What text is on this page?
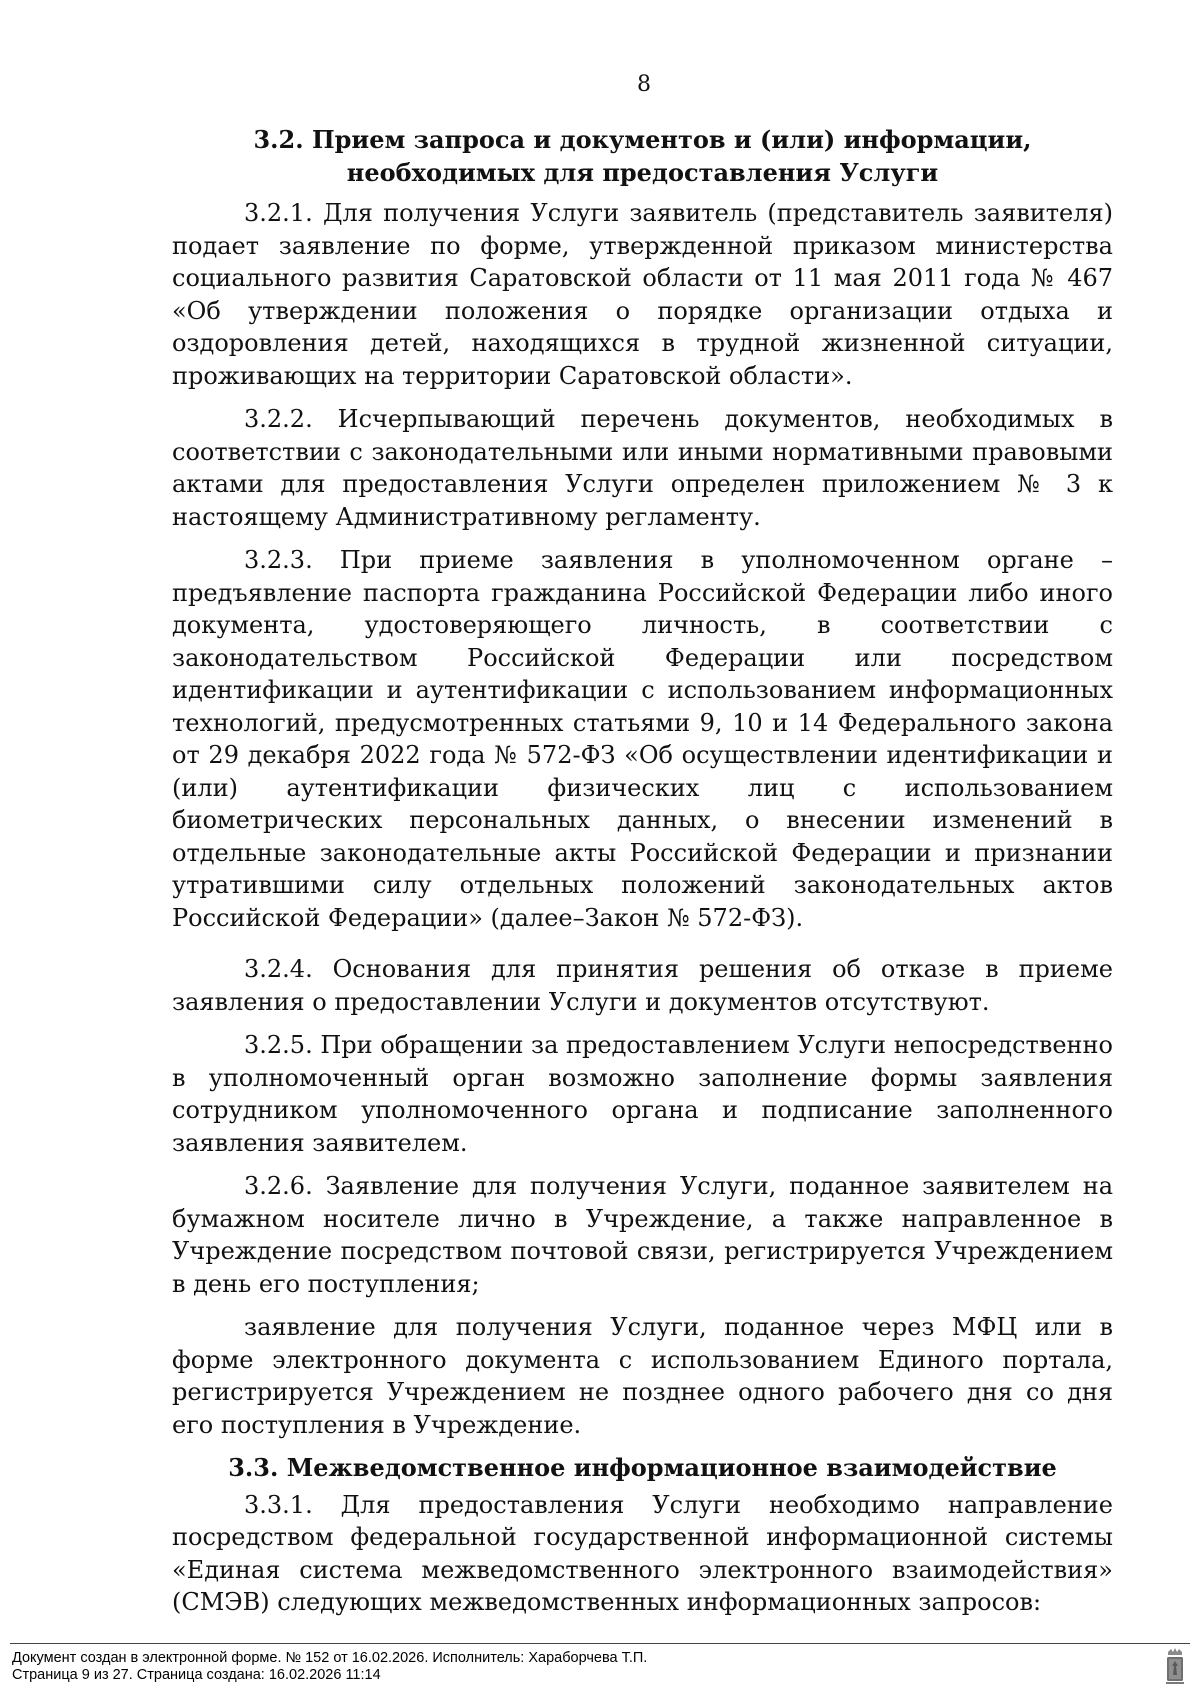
8
3.2. Прием запроса и документов и (или) информации, необходимых для предоставления Услуги

3.2.1. Для получения Услуги заявитель (представитель заявителя) подает заявление по форме, утвержденной приказом министерства социального развития Саратовской области от 11 мая 2011 года № 467 «Об утверждении положения о порядке организации отдыха и оздоровления детей, находящихся в трудной жизненной ситуации, проживающих на территории Саратовской области».

3.2.2. Исчерпывающий перечень документов, необходимых в соответствии с законодательными или иными нормативными правовыми актами для предоставления Услуги определен приложением № 3 к настоящему Административному регламенту.

3.2.3. При приеме заявления в уполномоченном органе – предъявление паспорта гражданина Российской Федерации либо иного документа, удостоверяющего личность, в соответствии с законодательством Российской Федерации или посредством идентификации и аутентификации с использованием информационных технологий, предусмотренных статьями 9, 10 и 14 Федерального закона от 29 декабря 2022 года № 572-ФЗ «Об осуществлении идентификации и (или) аутентификации физических лиц с использованием биометрических персональных данных, о внесении изменений в отдельные законодательные акты Российской Федерации и признании утратившими силу отдельных положений законодательных актов Российской Федерации» (далее–Закон № 572-ФЗ).

3.2.4. Основания для принятия решения об отказе в приеме заявления о предоставлении Услуги и документов отсутствуют.

3.2.5. При обращении за предоставлением Услуги непосредственно в уполномоченный орган возможно заполнение формы заявления сотрудником уполномоченного органа и подписание заполненного заявления заявителем.

3.2.6. Заявление для получения Услуги, поданное заявителем на бумажном носителе лично в Учреждение, а также направленное в Учреждение посредством почтовой связи, регистрируется Учреждением в день его поступления;

заявление для получения Услуги, поданное через МФЦ или в форме электронного документа с использованием Единого портала, регистрируется Учреждением не позднее одного рабочего дня со дня его поступления в Учреждение.

3.3. Межведомственное информационное взаимодействие

3.3.1. Для предоставления Услуги необходимо направление посредством федеральной государственной информационной системы «Единая система межведомственного электронного взаимодействия» (СМЭВ) следующих межведомственных информационных запросов:

Документ создан в электронной форме. № 152 от 16.02.2026. Исполнитель: Хараборчева Т.П.
Страница 9 из 27. Страница создана: 16.02.2026 11:14
